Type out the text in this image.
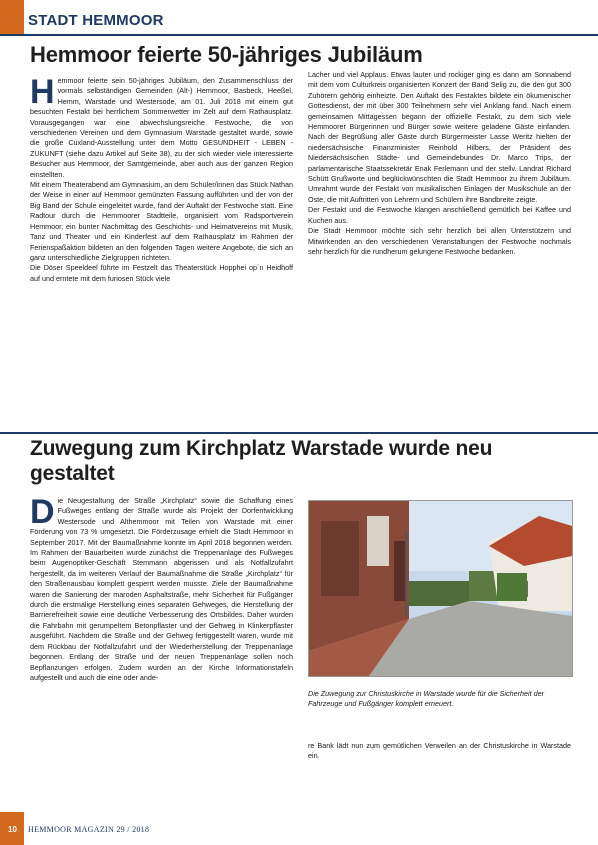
STADT HEMMOOR
Hemmoor feierte 50-jähriges Jubiläum
H emmoor feierte sein 50-jähriges Jubiläum, den Zusammenschluss der vormals selbständigen Gemeinden (Alt-) Hemmoor, Basbeck, Heeßel, Hemm, Warstade und Westersode, am 01. Juli 2018 mit einem gut besuchten Festakt bei herrlichem Sommerwetter im Zelt auf dem Rathausplatz. Vorausgegangen war eine abwechslungsreiche Festwoche, die von verschiedenen Vereinen und dem Gymnasium Warstade gestaltet wurde, sowie die große Cuxland-Ausstellung unter dem Motto GESUNDHEIT - LEBEN - ZUKUNFT (siehe dazu Artikel auf Seite 38), zu der sich wieder viele interessierte Besucher aus Hemmoor, der Samtgemeinde, aber auch aus der ganzen Region einstellten.

Mit einem Theaterabend am Gymnasium, an dem Schüler/innen das Stück Nathan der Weise in einer auf Hemmoor gemünzten Fassung aufführten und der von der Big Band der Schule eingeleitet wurde, fand der Auftakt der Festwoche statt. Eine Radtour durch die Hemmoorer Stadtteile, organisiert vom Radsportverein Hemmoor, ein bunter Nachmittag des Geschichts- und Heimatvereins mit Musik, Tanz und Theater und ein Kinderfest auf dem Rathausplatz im Rahmen der Ferienspaßaktion bildeten an den folgenden Tagen weitere Angebote, die sich an ganz unterschiedliche Zielgruppen richteten.

Die Döser Speeldeel führte im Festzelt das Theaterstück Hopphei op´n Heidhoff auf und erntete mit dem furiosen Stück viele

Lacher und viel Applaus. Etwas lauter und rockiger ging es dann am Sonnabend mit dem vom Culturkreis organisierten Konzert der Band Selig zu, die den gut 300 Zuhörern gehörig einheizte. Den Auftakt des Festaktes bildete ein ökumenischer Gottesdienst, der mit über 300 Teilnehmern sehr viel Anklang fand. Nach einem gemeinsamen Mittagessen begann der offizielle Festakt, zu dem sich viele Hemmoorer Bürgerinnen und Bürger sowie weitere geladene Gäste einfanden. Nach der Begrüßung aller Gäste durch Bürgermeister Lasse Weritz hielten der niedersächsische Finanzminister Reinhold Hilbers, der Präsident des Niedersächsischen Städte- und Gemeindebundes Dr. Marco Trips, der parlamentarische Staatssekretär Enak Ferlemann und der stellv. Landrat Richard Schütt Grußworte und beglückwünschten die Stadt Hemmoor zu ihrem Jubiläum. Umrahmt wurde der Festakt von musikalischen Einlagen der Musikschule an der Oste, die mit Auftritten von Lehrern und Schülern ihre Bandbreite zeigte.

Der Festakt und die Festwoche klangen anschließend gemütlich bei Kaffee und Kuchen aus.

Die Stadt Hemmoor möchte sich sehr herzlich bei allen Unterstützern und Mitwirkenden an den verschiedenen Veranstaltungen der Festwoche nochmals sehr herzlich für die rundherum gelungene Festwoche bedanken.

Zuwegung zum Kirchplatz Warstade wurde neu gestaltet
D ie Neugestaltung der Straße „Kirchplatz“ sowie die Schaffung eines Fußweges entlang der Straße wurde als Projekt der Dorfentwicklung Westersode und Althemmoor mit Teilen von Warstade mit einer Förderung von 73 % umgesetzt. Die Förderzusage erhielt die Stadt Hemmoor in September 2017. Mit der Baumaßnahme konnte im April 2018 begonnen werden. Im Rahmen der Bauarbeiten wurde zunächst die Treppenanlage des Fußweges beim Augenoptiker-Geschäft Stemmann abgerissen und als Notfallzufahrt hergestellt, da im weiteren Verlauf der Baumaßnahme die Straße „Kirchplatz“ für den Straßenausbau komplett gesperrt werden musste. Ziele der Baumaßnahme waren die Sanierung der maroden Asphaltstraße, mehr Sicherheit für Fußgänger durch die erstmalige Herstellung eines separaten Gehweges, die Herstellung der Barrierefreiheit sowie eine deutliche Verbesserung des Ortsbildes. Daher wurden die Fahrbahn mit gerumpeltem Betonpflaster und der Gehweg in Klinkerpflaster ausgeführt. Nachdem die Straße und der Gehweg fertiggestellt waren, wurde mit dem Rückbau der Notfallzufahrt und der Wiederherstellung der Treppenanlage begonnen. Entlang der Straße und der neuen Treppenanlage sollen noch Bepflanzungen erfolgen. Zudem wurden an der Kirche Informationstafeln aufgestellt und auch die eine oder ande-

Die Zuwegung zur Christuskirche in Warstade wurde für die Sicherheit der Fahrzeuge und Fußgänger komplett erneuert.

re Bank lädt nun zum gemütlichen Verweilen an der Christuskirche in Warstade ein.

10 HEMMOOR MAGAZIN 29 / 2018
